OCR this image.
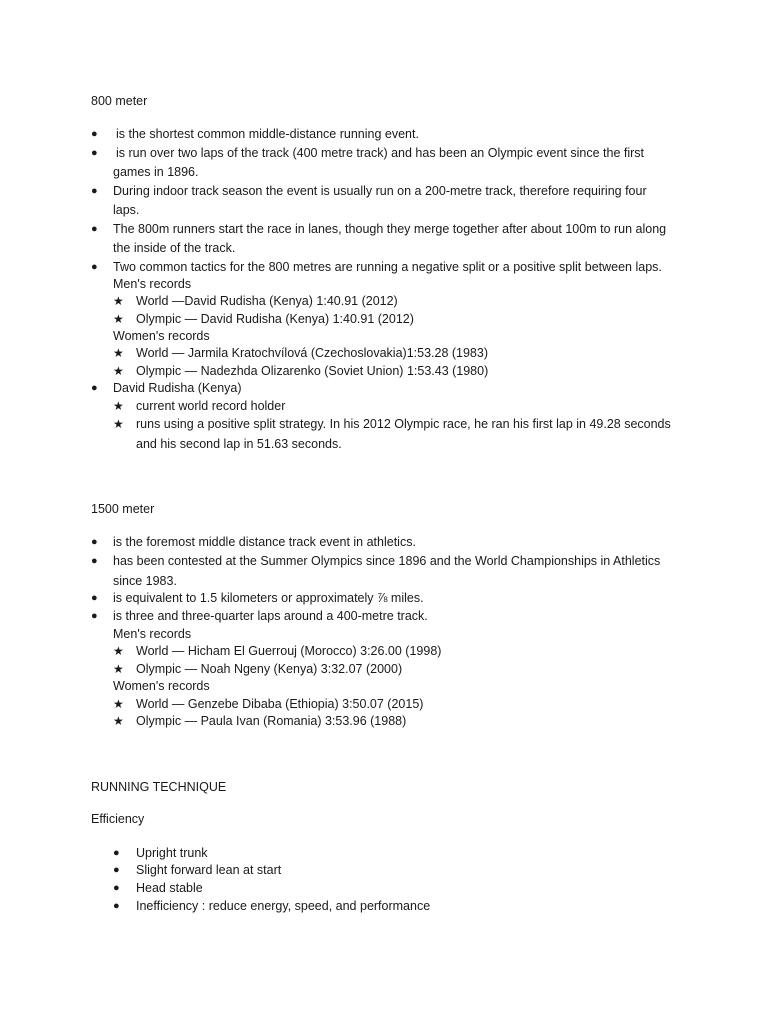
800 meter
● is the shortest common middle-distance running event.
● is run over two laps of the track (400 metre track) and has been an Olympic event since the first
games in 1896.
● During indoor track season the event is usually run on a 200-metre track, therefore requiring four
laps.
● The 800m runners start the race in lanes, though they merge together after about 100m to run along
the inside of the track.
● Two common tactics for the 800 metres are running a negative split or a positive split between laps.
Men's records
★ World —David Rudisha (Kenya) 1:40.91 (2012)
★ Olympic — David Rudisha (Kenya) 1:40.91 (2012)
Women's records
★ World — Jarmila Kratochvílová (Czechoslovakia)1:53.28 (1983)
★ Olympic — Nadezhda Olizarenko (Soviet Union) 1:53.43 (1980)
● David Rudisha (Kenya)
★ current world record holder
★ runs using a positive split strategy. In his 2012 Olympic race, he ran his first lap in 49.28 seconds
and his second lap in 51.63 seconds.
1500 meter
● is the foremost middle distance track event in athletics.
● has been contested at the Summer Olympics since 1896 and the World Championships in Athletics
since 1983.
● is equivalent to 1.5 kilometers or approximately ⅞ miles.
● is three and three-quarter laps around a 400-metre track.
Men's records
★ World — Hicham El Guerrouj (Morocco) 3:26.00 (1998)
★ Olympic — Noah Ngeny (Kenya) 3:32.07 (2000)
Women's records
★ World — Genzebe Dibaba (Ethiopia) 3:50.07 (2015)
★ Olympic — Paula Ivan (Romania) 3:53.96 (1988)
RUNNING TECHNIQUE
Efficiency
● Upright trunk
● Slight forward lean at start
● Head stable
● Inefficiency : reduce energy, speed, and performance
